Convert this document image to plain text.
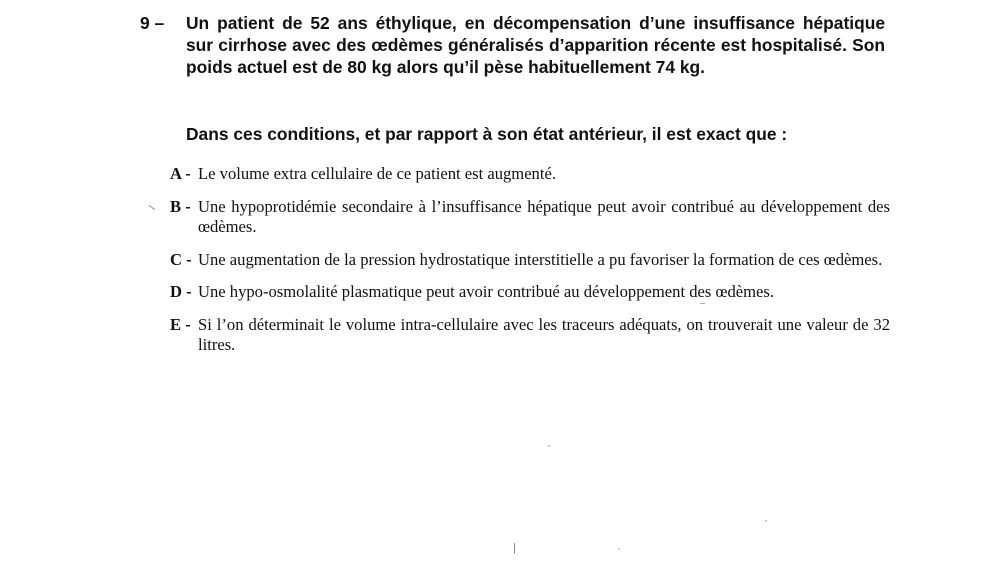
9 –	Un patient de 52 ans éthylique, en décompensation d’une insuffisance hépatique sur cirrhose avec des œdèmes généralisés d’apparition récente est hospitalisé. Son poids actuel est de 80 kg alors qu’il pèse habituellement 74 kg.
Dans ces conditions, et par rapport à son état antérieur, il est exact que :
A - Le volume extra cellulaire de ce patient est augmenté.
B - Une hypoprotidémie secondaire à l’insuffisance hépatique peut avoir contribué au développement des œdèmes.
C - Une augmentation de la pression hydrostatique interstitielle a pu favoriser la formation de ces œdèmes.
D - Une hypo-osmolalité plasmatique peut avoir contribué au développement des œdèmes.
E - Si l’on déterminait le volume intra-cellulaire avec les traceurs adéquats, on trouverait une valeur de 32 litres.
